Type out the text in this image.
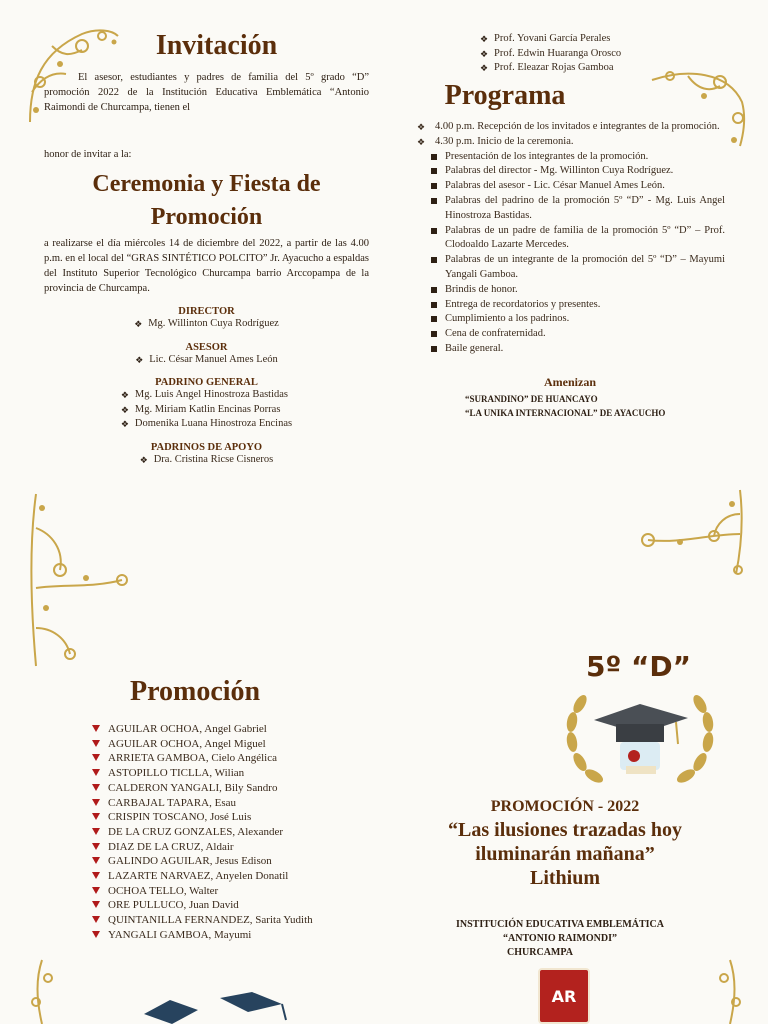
Invitación

El asesor, estudiantes y padres de familia del 5º grado “D” promoción 2022 de la Institución Educativa Emblemática “Antonio Raimondi de Churcampa, tienen el

honor de invitar a la:

Ceremonia y Fiesta de
Promoción

a realizarse el día miércoles 14 de diciembre del 2022, a partir de las 4.00 p.m. en el local del “GRAS SINTÉTICO POLCITO” Jr. Ayacucho a espaldas del Instituto Superior Tecnológico Churcampa barrio Arccopampa de la provincia de Churcampa.

DIRECTOR
❖ Mg. Willinton Cuya Rodríguez
ASESOR
❖ Lic. César Manuel Ames León
PADRINO GENERAL
❖ Mg. Luis Angel Hinostroza Bastidas
❖ Mg. Miriam Katlin Encinas Porras
❖ Domenika Luana Hinostroza Encinas
PADRINOS DE APOYO
❖ Dra. Cristina Ricse Cisneros
❖ Prof. Yovani García Perales
❖ Prof. Edwin Huaranga Orosco
❖ Prof. Eleazar Rojas Gamboa
Programa
❖ 4.00 p.m. Recepción de los invitados e integrantes de la promoción.
❖ 4.30 p.m. Inicio de la ceremonia.
Presentación de los integrantes de la promoción.
Palabras del director - Mg. Willinton Cuya Rodríguez.
Palabras del asesor - Lic. César Manuel Ames León.
Palabras del padrino de la promoción 5º “D” - Mg. Luis Angel Hinostroza Bastidas.
Palabras de un padre de familia de la promoción 5º “D” – Prof. Clodoaldo Lazarte Mercedes.
Palabras de un integrante de la promoción del 5º “D” – Mayumi Yangali Gamboa.
Brindis de honor.
Entrega de recordatorios y presentes.
Cumplimiento a los padrinos.
Cena de confraternidad.
Baile general.
Amenizan
“SURANDINO” DE HUANCAYO
“LA UNIKA INTERNACIONAL” DE AYACUCHO
Promoción
AGUILAR OCHOA, Angel Gabriel
AGUILAR OCHOA, Angel Miguel
ARRIETA GAMBOA, Cielo Angélica
ASTOPILLO TICLLA, Wilian
CALDERON YANGALI, Bily Sandro
CARBAJAL TAPARA, Esau
CRISPIN TOSCANO, José Luis
DE LA CRUZ GONZALES, Alexander
DIAZ DE LA CRUZ, Aldair
GALINDO AGUILAR, Jesus Edison
LAZARTE NARVAEZ, Anyelen Donatil
OCHOA TELLO, Walter
ORE PULLUCO, Juan David
QUINTANILLA FERNANDEZ, Sarita Yudith
YANGALI GAMBOA, Mayumi
5º “D”
PROMOCIÓN - 2022
“Las ilusiones trazadas hoy
iluminarán mañana”
Lithium
INSTITUCIÓN EDUCATIVA EMBLEMÁTICA
“ANTONIO RAIMONDI”
CHURCAMPA
AR
